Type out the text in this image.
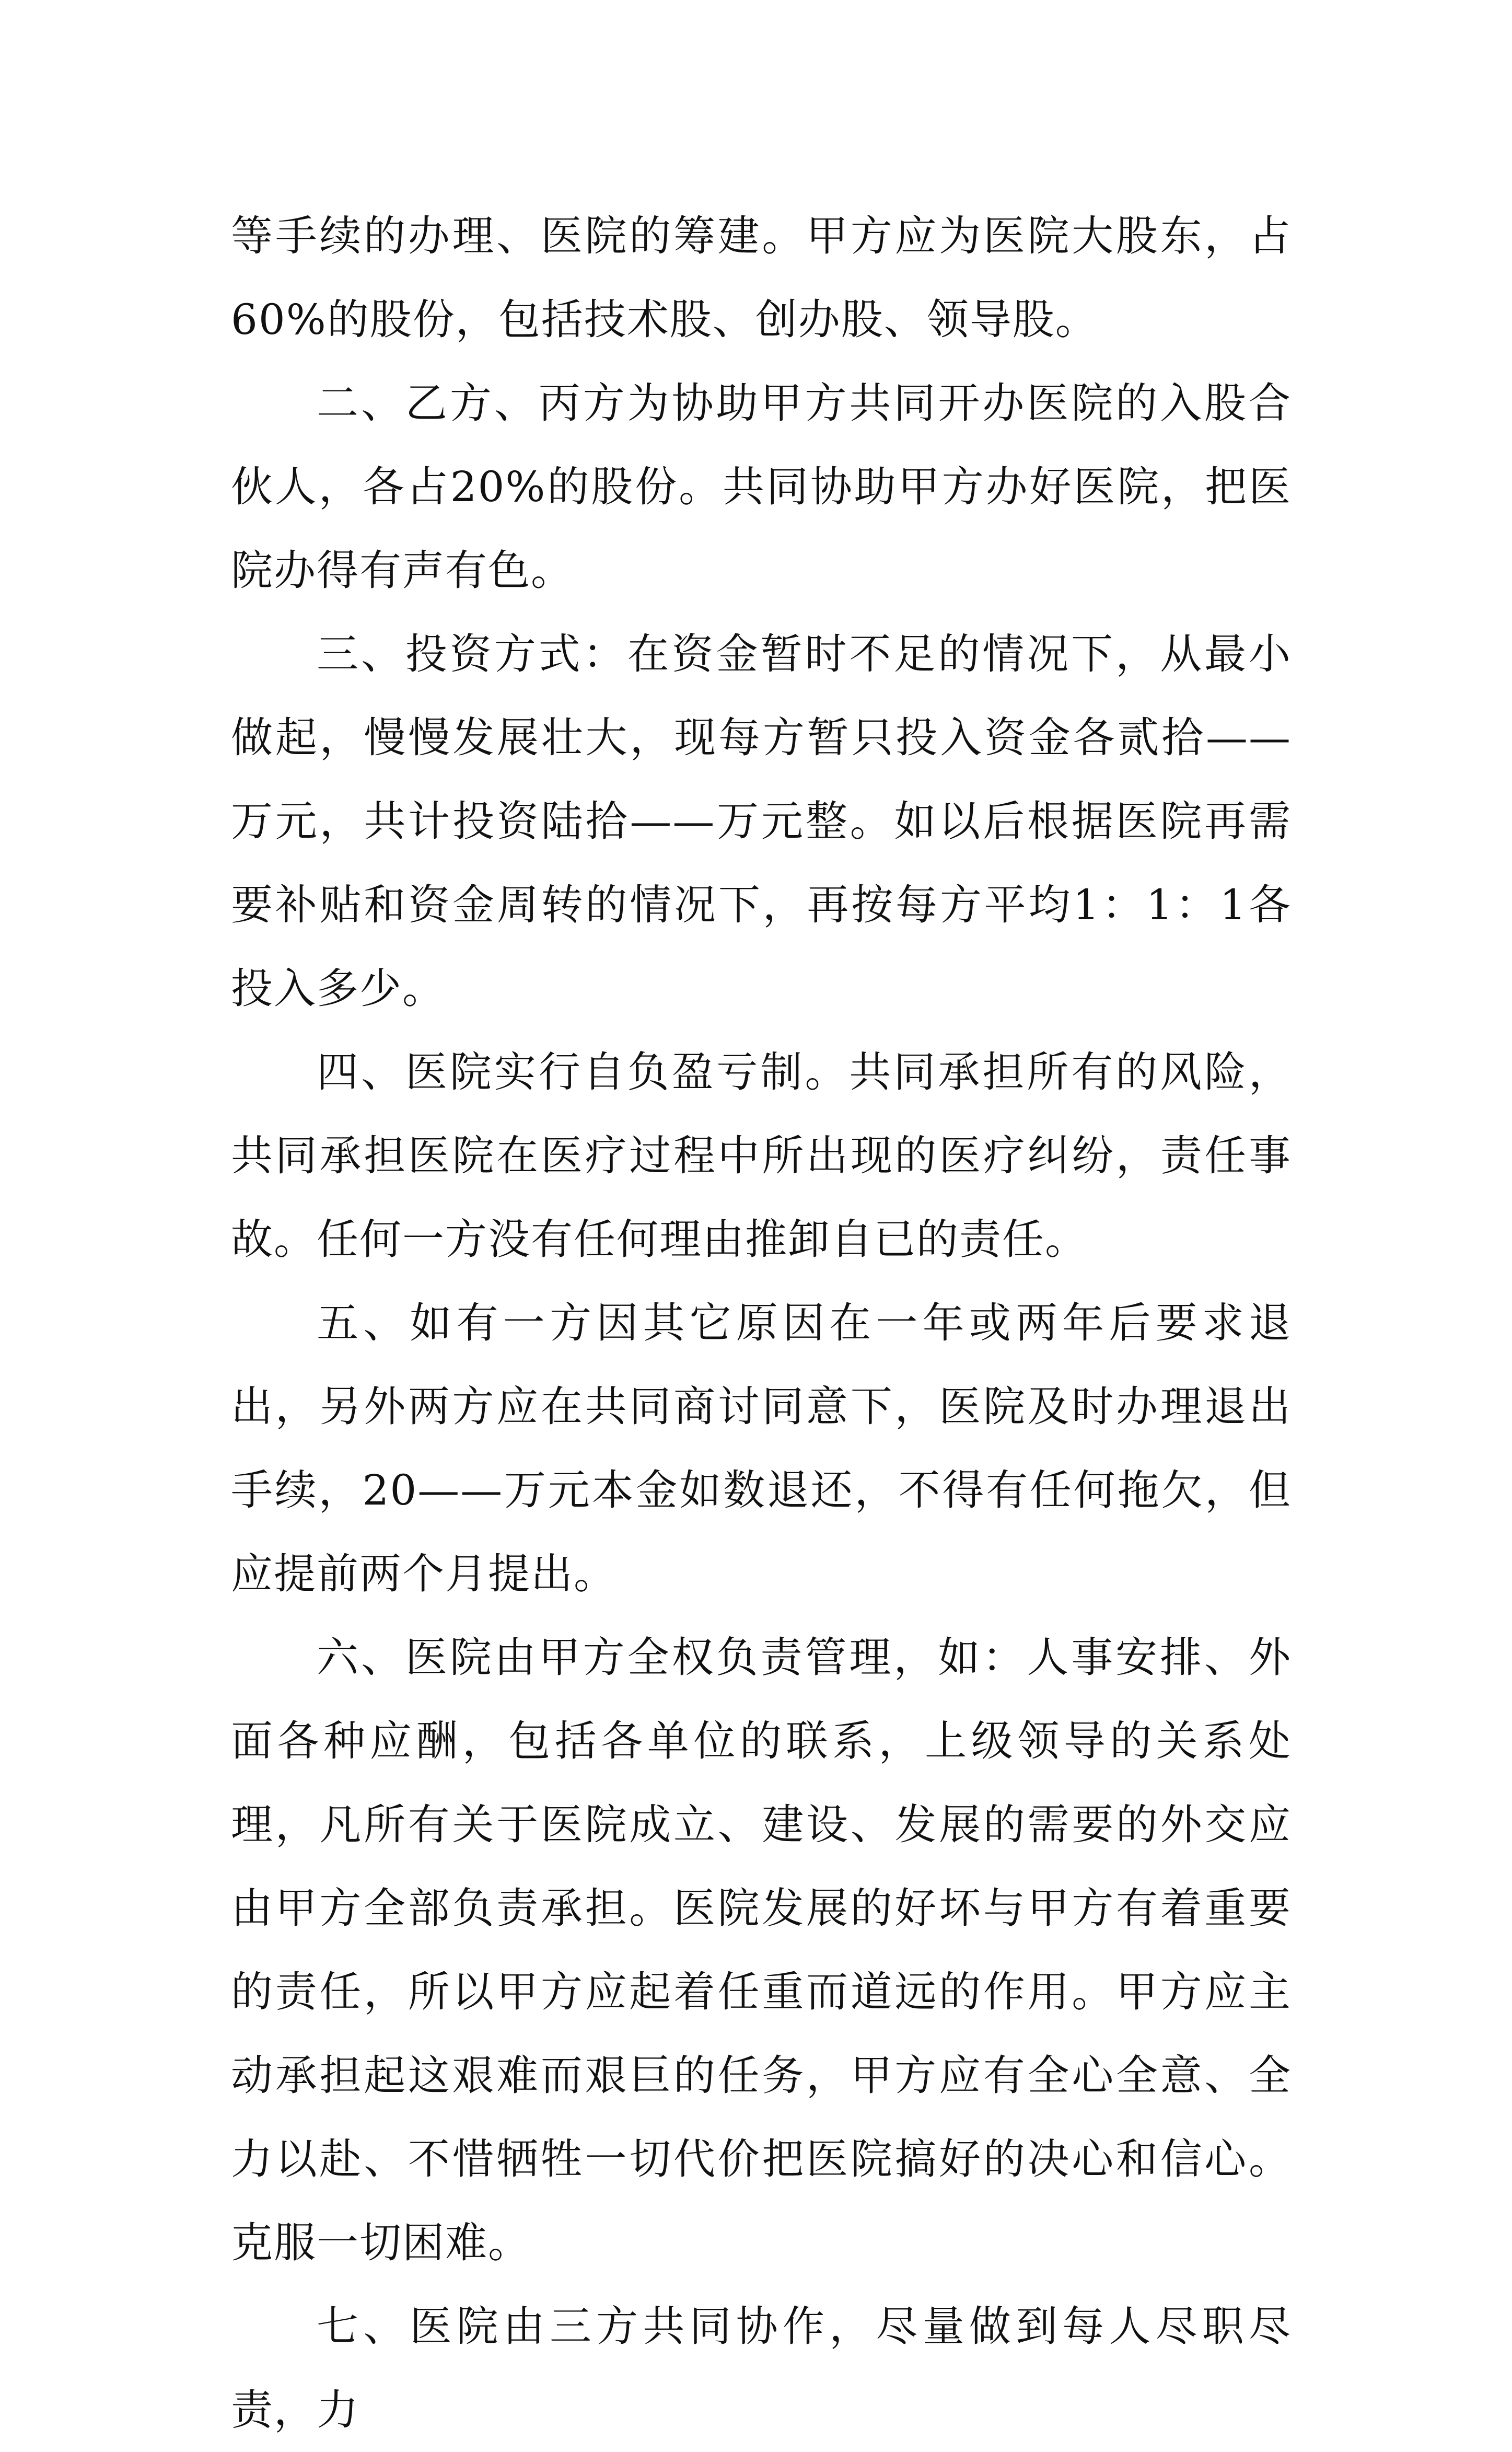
等手续的办理、医院的筹建。甲方应为医院大股东，占60%的股份，包括技术股、创办股、领导股。

二、乙方、丙方为协助甲方共同开办医院的入股合伙人，各占20%的股份。共同协助甲方办好医院，把医院办得有声有色。

三、投资方式：在资金暂时不足的情况下，从最小做起，慢慢发展壮大，现每方暂只投入资金各贰拾——万元，共计投资陆拾——万元整。如以后根据医院再需要补贴和资金周转的情况下，再按每方平均1：1：1各投入多少。

四、医院实行自负盈亏制。共同承担所有的风险，共同承担医院在医疗过程中所出现的医疗纠纷，责任事故。任何一方没有任何理由推卸自已的责任。

五、如有一方因其它原因在一年或两年后要求退出，另外两方应在共同商讨同意下，医院及时办理退出手续，20——万元本金如数退还，不得有任何拖欠，但应提前两个月提出。

六、医院由甲方全权负责管理，如：人事安排、外面各种应酬，包括各单位的联系，上级领导的关系处理，凡所有关于医院成立、建设、发展的需要的外交应由甲方全部负责承担。医院发展的好坏与甲方有着重要的责任，所以甲方应起着任重而道远的作用。甲方应主动承担起这艰难而艰巨的任务，甲方应有全心全意、全力以赴、不惜牺牲一切代价把医院搞好的决心和信心。克服一切困难。

七、医院由三方共同协作，尽量做到每人尽职尽责，力
